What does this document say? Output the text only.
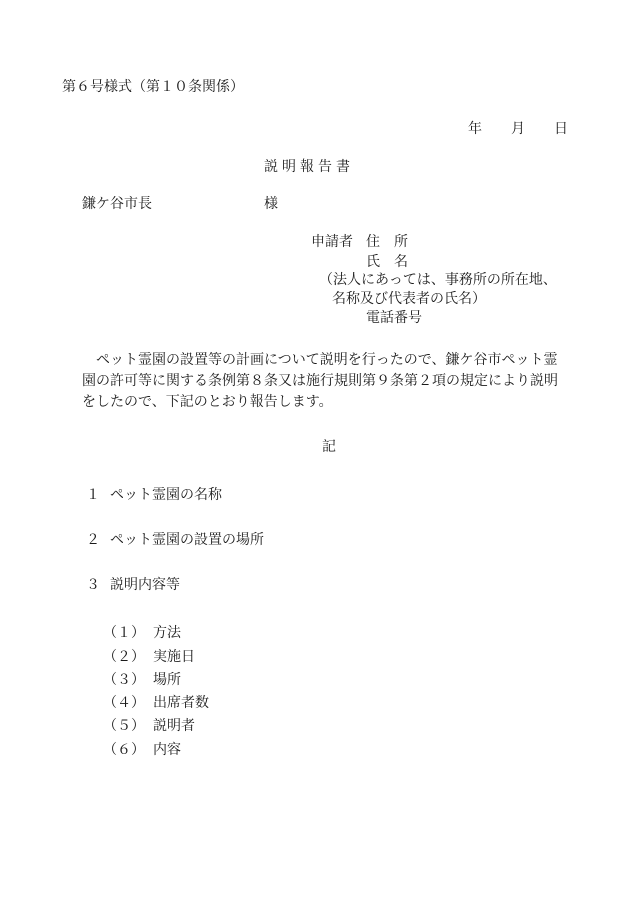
第６号様式（第１０条関係）
年 月 日
説明報告書
鎌ケ谷市長	様
申請者 住　所
氏　名
（法人にあっては、事務所の所在地、
名称及び代表者の氏名）
電話番号
ペット霊園の設置等の計画について説明を行ったので、鎌ケ谷市ペット霊園の許可等に関する条例第８条又は施行規則第９条第２項の規定により説明をしたので、下記のとおり報告します。
記
１ ペット霊園の名称
２ ペット霊園の設置の場所
３ 説明内容等
（１） 方法
（２） 実施日
（３） 場所
（４） 出席者数
（５） 説明者
（６） 内容
